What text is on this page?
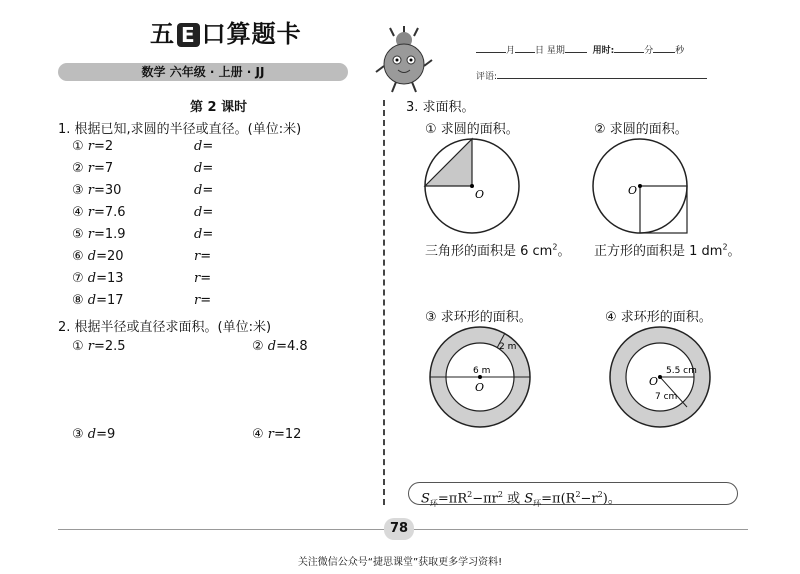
五 E 口算题卡
数学 六年级 · 上册 · JJ
月 日 星期	用时:	分 秒
评语:
第 2 课时
1. 根据已知,求圆的半径或直径。(单位:米)
① r=2	d=
② r=7	d=
③ r=30	d=
④ r=7.6	d=
⑤ r=1.9	d=
⑥ d=20	r=
⑦ d=13	r=
⑧ d=17	r=
2. 根据半径或直径求面积。(单位:米)
① r=2.5	② d=4.8
③ d=9	④ r=12
3. 求面积。
① 求圆的面积。	② 求圆的面积。
O	O
三角形的面积是 6 $cm^2$。 正方形的面积是 1 $dm^2$。
③ 求环形的面积。	④ 求环形的面积。
6 m
2 m
O
5.5 cm
7 cm
O
$S_环=\pi R^2-\pi r^2$ 或 $S_环=\pi(R^2-r^2)$。
78
关注微信公众号“捷思课堂”获取更多学习资料!
